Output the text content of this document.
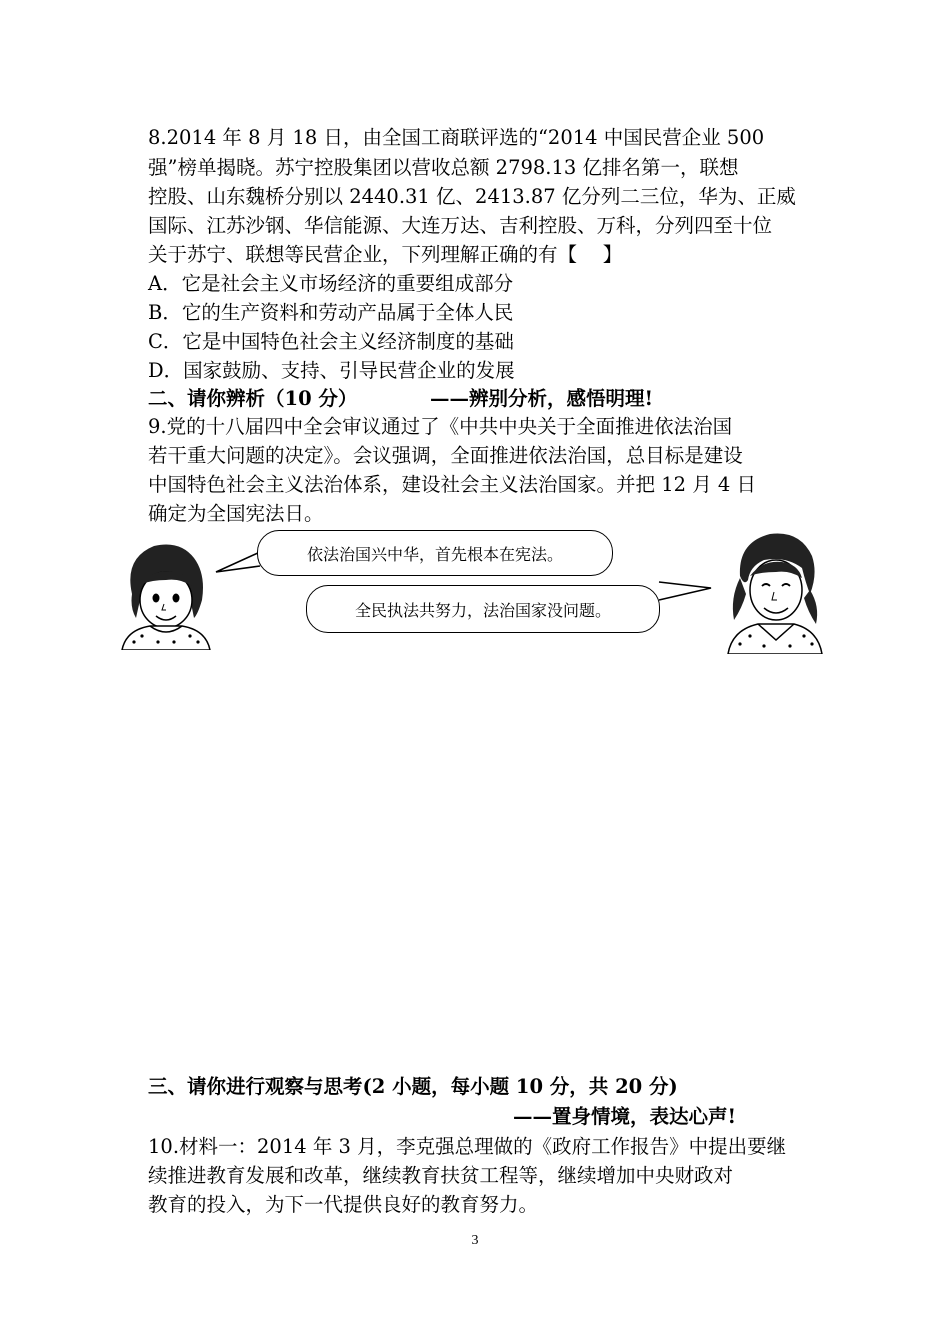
8.2014 年 8 月 18 日，由全国工商联评选的“2014 中国民营企业 500
强”榜单揭晓。苏宁控股集团以营收总额 2798.13 亿排名第一，联想
控股、山东魏桥分别以 2440.31 亿、2413.87 亿分列二三位，华为、正威
国际、江苏沙钢、华信能源、大连万达、吉利控股、万科，分列四至十位
关于苏宁、联想等民营企业，下列理解正确的有【　 】
A．它是社会主义市场经济的重要组成部分
B．它的生产资料和劳动产品属于全体人民
C．它是中国特色社会主义经济制度的基础
D．国家鼓励、支持、引导民营企业的发展
二、请你辨析（10 分）	——辨别分析，感悟明理!
9.党的十八届四中全会审议通过了《中共中央关于全面推进依法治国
若干重大问题的决定》。会议强调，全面推进依法治国，总目标是建设
中国特色社会主义法治体系，建设社会主义法治国家。并把 12 月 4 日
确定为全国宪法日。
依法治国兴中华，首先根本在宪法。
全民执法共努力，法治国家没问题。
三、请你进行观察与思考(2 小题，每小题 10 分，共 20 分)
——置身情境，表达心声!
10.材料一：2014 年 3 月，李克强总理做的《政府工作报告》中提出要继
续推进教育发展和改革，继续教育扶贫工程等，继续增加中央财政对
教育的投入，为下一代提供良好的教育努力。
3
